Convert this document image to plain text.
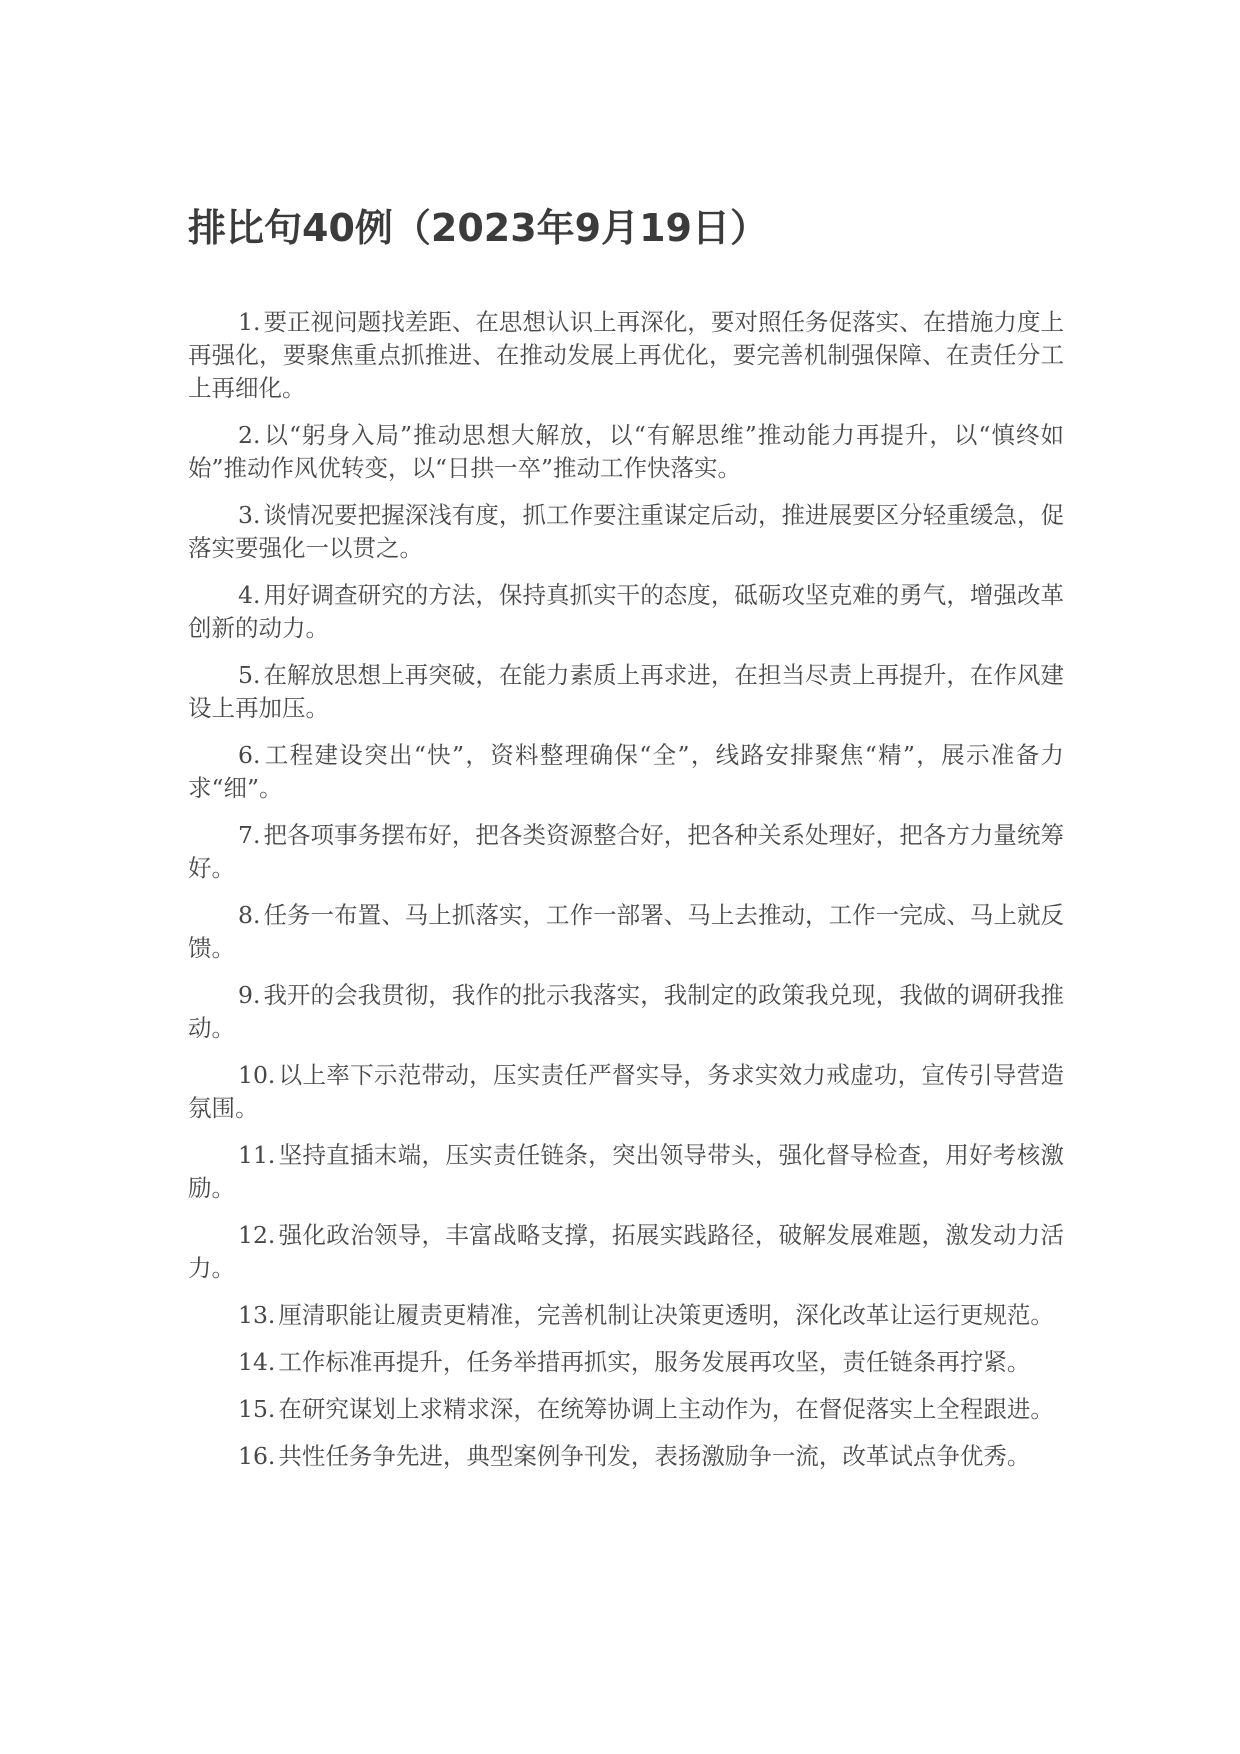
排比句40例（2023年9月19日）

1. 要正视问题找差距、在思想认识上再深化，要对照任务促落实、在措施力度上再强化，要聚焦重点抓推进、在推动发展上再优化，要完善机制强保障、在责任分工上再细化。

2. 以“躬身入局”推动思想大解放，以“有解思维”推动能力再提升，以“慎终如始”推动作风优转变，以“日拱一卒”推动工作快落实。

3. 谈情况要把握深浅有度，抓工作要注重谋定后动，推进展要区分轻重缓急，促落实要强化一以贯之。

4. 用好调查研究的方法，保持真抓实干的态度，砥砺攻坚克难的勇气，增强改革创新的动力。

5. 在解放思想上再突破，在能力素质上再求进，在担当尽责上再提升，在作风建设上再加压。

6. 工程建设突出“快”，资料整理确保“全”，线路安排聚焦“精”，展示准备力求“细”。

7. 把各项事务摆布好，把各类资源整合好，把各种关系处理好，把各方力量统筹好。

8. 任务一布置、马上抓落实，工作一部署、马上去推动，工作一完成、马上就反馈。

9. 我开的会我贯彻，我作的批示我落实，我制定的政策我兑现，我做的调研我推动。

10. 以上率下示范带动，压实责任严督实导，务求实效力戒虚功，宣传引导营造氛围。

11. 坚持直插末端，压实责任链条，突出领导带头，强化督导检查，用好考核激励。

12. 强化政治领导，丰富战略支撑，拓展实践路径，破解发展难题，激发动力活力。

13. 厘清职能让履责更精准，完善机制让决策更透明，深化改革让运行更规范。

14. 工作标准再提升，任务举措再抓实，服务发展再攻坚，责任链条再拧紧。

15. 在研究谋划上求精求深，在统筹协调上主动作为，在督促落实上全程跟进。

16. 共性任务争先进，典型案例争刊发，表扬激励争一流，改革试点争优秀。
